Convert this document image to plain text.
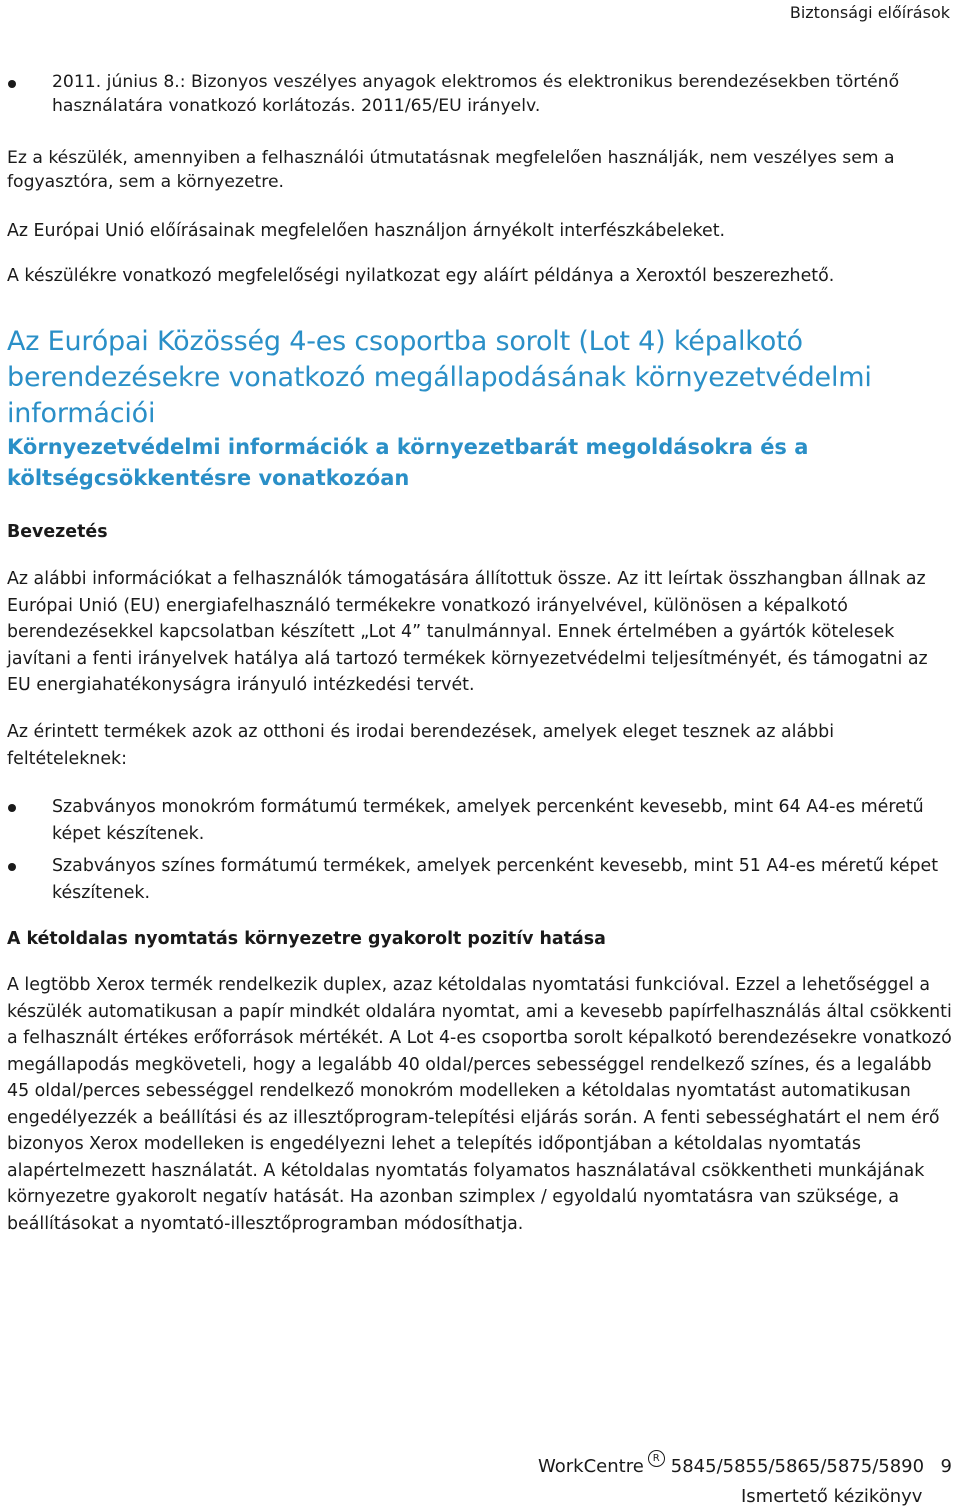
Biztonsági előírások

2011. június 8.: Bizonyos veszélyes anyagok elektromos és elektronikus berendezésekben történő használatára vonatkozó korlátozás. 2011/65/EU irányelv.

Ez a készülék, amennyiben a felhasználói útmutatásnak megfelelően használják, nem veszélyes sem a fogyasztóra, sem a környezetre.

Az Európai Unió előírásainak megfelelően használjon árnyékolt interfészkábeleket.

A készülékre vonatkozó megfelelőségi nyilatkozat egy aláírt példánya a Xeroxtól beszerezhető.

Az Európai Közösség 4-es csoportba sorolt (Lot 4) képalkotó berendezésekre vonatkozó megállapodásának környezetvédelmi információi
Környezetvédelmi információk a környezetbarát megoldásokra és a költségcsökkentésre vonatkozóan
Bevezetés

Az alábbi információkat a felhasználók támogatására állítottuk össze. Az itt leírtak összhangban állnak az Európai Unió (EU) energiafelhasználó termékekre vonatkozó irányelvével, különösen a képalkotó berendezésekkel kapcsolatban készített „Lot 4” tanulmánnyal. Ennek értelmében a gyártók kötelesek javítani a fenti irányelvek hatálya alá tartozó termékek környezetvédelmi teljesítményét, és támogatni az EU energiahatékonyságra irányuló intézkedési tervét.

Az érintett termékek azok az otthoni és irodai berendezések, amelyek eleget tesznek az alábbi feltételeknek:

Szabványos monokróm formátumú termékek, amelyek percenként kevesebb, mint 64 A4-es méretű képet készítenek.

Szabványos színes formátumú termékek, amelyek percenként kevesebb, mint 51 A4-es méretű képet készítenek.

A kétoldalas nyomtatás környezetre gyakorolt pozitív hatása

A legtöbb Xerox termék rendelkezik duplex, azaz kétoldalas nyomtatási funkcióval. Ezzel a lehetőséggel a készülék automatikusan a papír mindkét oldalára nyomtat, ami a kevesebb papírfelhasználás által csökkenti a felhasznált értékes erőforrások mértékét. A Lot 4-es csoportba sorolt képalkotó berendezésekre vonatkozó megállapodás megköveteli, hogy a legalább 40 oldal/perces sebességgel rendelkező színes, és a legalább 45 oldal/perces sebességgel rendelkező monokróm modelleken a kétoldalas nyomtatást automatikusan engedélyezzék a beállítási és az illesztőprogram-telepítési eljárás során. A fenti sebességhatárt el nem érő bizonyos Xerox modelleken is engedélyezni lehet a telepítés időpontjában a kétoldalas nyomtatás alapértelmezett használatát. A kétoldalas nyomtatás folyamatos használatával csökkentheti munkájának környezetre gyakorolt negatív hatását. Ha azonban szimplex / egyoldalú nyomtatásra van szüksége, a beállításokat a nyomtató-illesztőprogramban módosíthatja.

WorkCentre R 5845/5855/5865/5875/5890 9
Ismertető kézikönyv
